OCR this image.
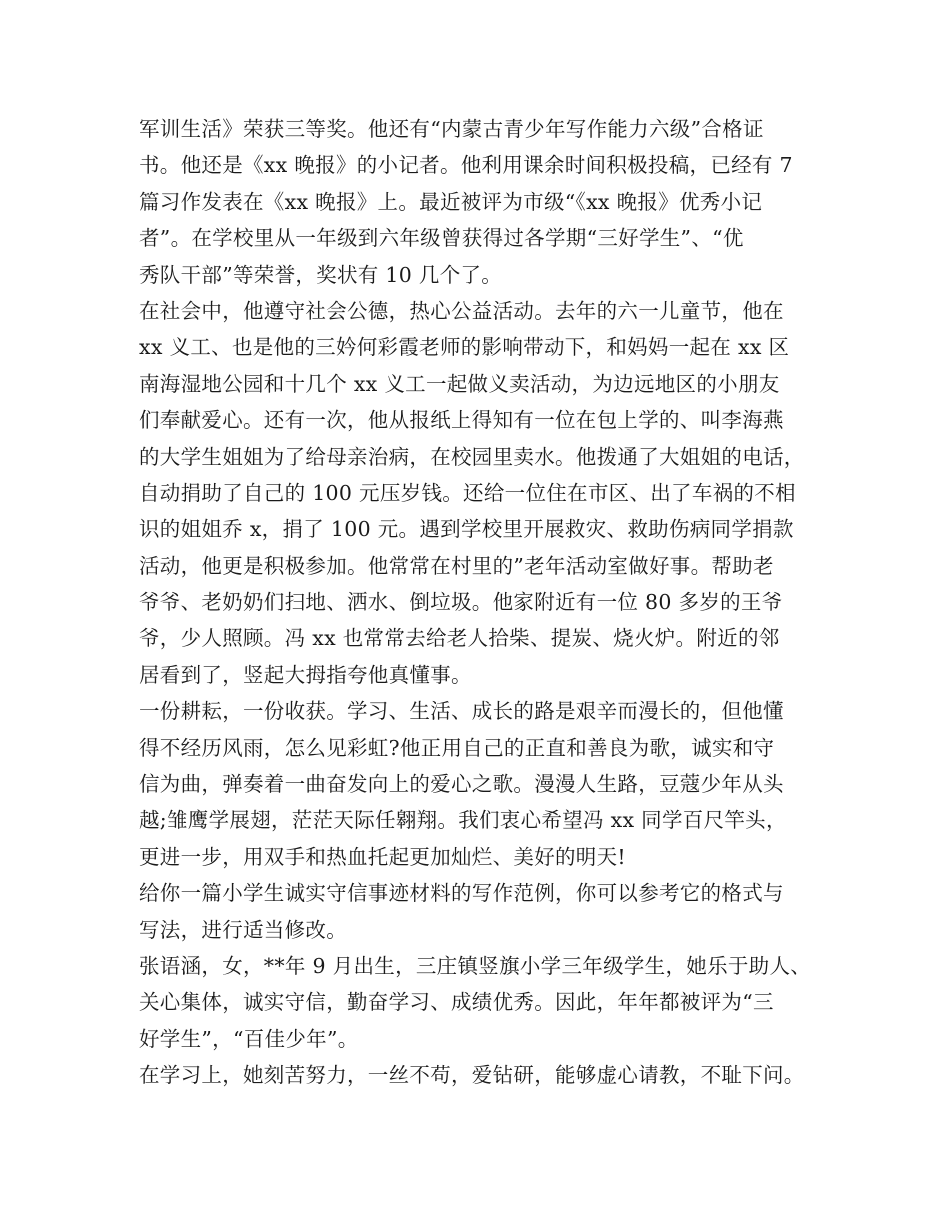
军训生活》荣获三等奖。他还有“内蒙古青少年写作能力六级”合格证
书。他还是《xx 晚报》的小记者。他利用课余时间积极投稿，已经有 7
篇习作发表在《xx 晚报》上。最近被评为市级“《xx 晚报》优秀小记
者”。在学校里从一年级到六年级曾获得过各学期“三好学生”、“优
秀队干部”等荣誉，奖状有 10 几个了。
在社会中，他遵守社会公德，热心公益活动。去年的六一儿童节，他在
xx 义工、也是他的三妗何彩霞老师的影响带动下，和妈妈一起在 xx 区
南海湿地公园和十几个 xx 义工一起做义卖活动，为边远地区的小朋友
们奉献爱心。还有一次，他从报纸上得知有一位在包上学的、叫李海燕
的大学生姐姐为了给母亲治病，在校园里卖水。他拨通了大姐姐的电话，
自动捐助了自己的 100 元压岁钱。还给一位住在市区、出了车祸的不相
识的姐姐乔 x，捐了 100 元。遇到学校里开展救灾、救助伤病同学捐款
活动，他更是积极参加。他常常在村里的”老年活动室做好事。帮助老
爷爷、老奶奶们扫地、洒水、倒垃圾。他家附近有一位 80 多岁的王爷
爷，少人照顾。冯 xx 也常常去给老人拾柴、提炭、烧火炉。附近的邻
居看到了，竖起大拇指夸他真懂事。
一份耕耘，一份收获。学习、生活、成长的路是艰辛而漫长的，但他懂
得不经历风雨，怎么见彩虹?他正用自己的正直和善良为歌，诚实和守
信为曲，弹奏着一曲奋发向上的爱心之歌。漫漫人生路，豆蔻少年从头
越;雏鹰学展翅，茫茫天际任翱翔。我们衷心希望冯 xx 同学百尺竿头，
更进一步，用双手和热血托起更加灿烂、美好的明天!
给你一篇小学生诚实守信事迹材料的写作范例，你可以参考它的格式与
写法，进行适当修改。
张语涵，女，**年 9 月出生，三庄镇竖旗小学三年级学生，她乐于助人、
关心集体，诚实守信，勤奋学习、成绩优秀。因此，年年都被评为“三
好学生”，“百佳少年”。
在学习上，她刻苦努力，一丝不苟，爱钻研，能够虚心请教，不耻下问。
